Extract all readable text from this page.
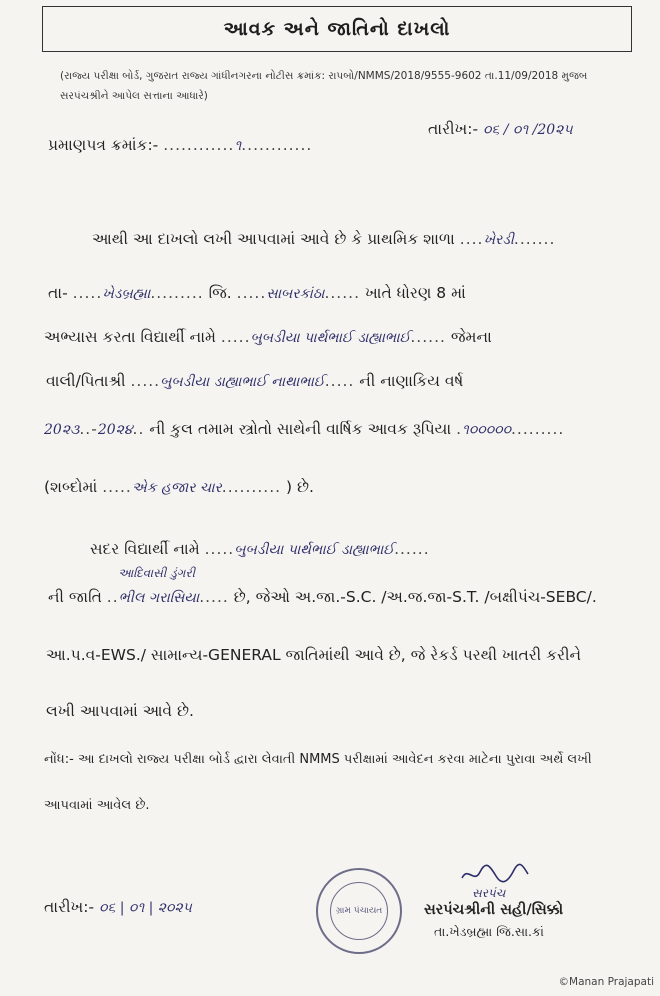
આવક અને જાતિનો દાખલો
(રાજ્ય પરીક્ષા બોર્ડ, ગુજરાત રાજ્ય ગાંધીનગરના નોટીસ ક્રમાંક: રાપબો/NMMS/2018/9555-9602 તા.11/09/2018 મુજબ સરપંચશ્રીને આપેલ સત્તાના આધારે)
પ્રમાણપત્ર ક્રમાંક:- ............૧............
તારીખ:- ૦૬ / ૦૧ /20૨૫
આથી આ દાખલો લખી આપવામાં આવે છે કે પ્રાથમિક શાળા ....ખેરડી.......
તા- .....ખેડબ્રહ્મા......... જિ. .....સાબરકાંઠા...... ખાતે ધોરણ 8 માં
અભ્યાસ કરતા વિદ્યાર્થી નામે .....બુબડીયા પાર્થભાઈ ડાહ્યાભાઈ...... જેમના
વાલી/પિતાશ્રી .....બુબડીયા ડાહ્યાભાઈ નાથાભાઈ..... ની નાણાકિય વર્ષ
20૨૩..-20૨૪.. ની કુલ તમામ સ્ત્રોતો સાથેની વાર્ષિક આવક રૂપિયા .૧૦૦૦૦૦.........
(શબ્દોમાં .....એક હજાર ચાર.......... ) છે.
સદર વિદ્યાર્થી નામે .....બુબડીયા પાર્થભાઈ ડાહ્યાભાઈ......
આદિવાસી ડુંગરી
ની જાતિ ..ભીલ ગરાસિયા..... છે, જેઓ અ.જા.-S.C. /અ.જ.જા-S.T. /બક્ષીપંચ-SEBC/.
આ.પ.વ-EWS./ સામાન્ય-GENERAL જાતિમાંથી આવે છે, જે રેકર્ડ પરથી ખાતરી કરીને
લખી આપવામાં આવે છે.
નોંધ:- આ દાખલો રાજ્ય પરીક્ષા બોર્ડ દ્વારા લેવાતી NMMS પરીક્ષામાં આવેદન કરવા માટેના પુરાવા અર્થે લખી
આપવામાં આવેલ છે.
તારીખ:- ૦૬ | ૦૧ | ૨૦૨૫	ગ્રામ પંચાયત
સરપંચ
સરપંચશ્રીની સહી/સિક્કો
તા.ખેડબ્રહ્મા જિ.સા.કાં
©Manan Prajapati
